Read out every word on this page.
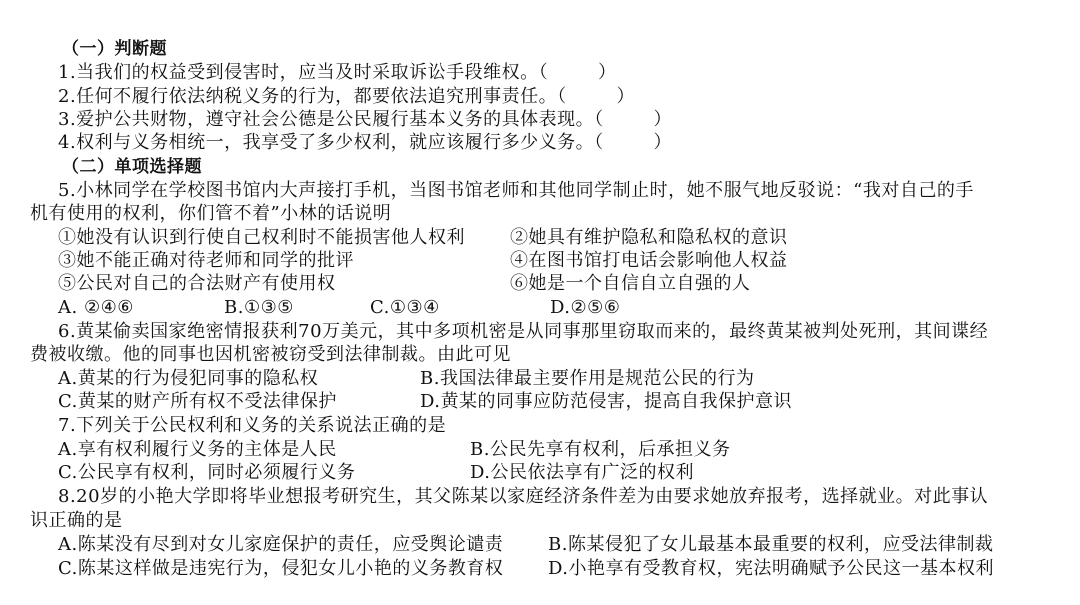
（一）判断题
1.当我们的权益受到侵害时，应当及时采取诉讼手段维权。（        ）
2.任何不履行依法纳税义务的行为，都要依法追究刑事责任。（        ）
3.爱护公共财物，遵守社会公德是公民履行基本义务的具体表现。（        ）
4.权利与义务相统一，我享受了多少权利，就应该履行多少义务。（        ）
（二）单项选择题
5.小林同学在学校图书馆内大声接打手机，当图书馆老师和其他同学制止时，她不服气地反驳说：“我对自己的手
机有使用的权利，你们管不着”小林的话说明
①她没有认识到行使自己权利时不能损害他人权利	②她具有维护隐私和隐私权的意识
③她不能正确对待老师和同学的批评	④在图书馆打电话会影响他人权益
⑤公民对自己的合法财产有使用权	⑥她是一个自信自立自强的人
A. ②④⑥	B.①③⑤	C.①③④	D.②⑤⑥
6.黄某偷卖国家绝密情报获利70万美元，其中多项机密是从同事那里窃取而来的，最终黄某被判处死刑，其间谍经
费被收缴。他的同事也因机密被窃受到法律制裁。由此可见
A.黄某的行为侵犯同事的隐私权	B.我国法律最主要作用是规范公民的行为
C.黄某的财产所有权不受法律保护	D.黄某的同事应防范侵害，提高自我保护意识
7.下列关于公民权利和义务的关系说法正确的是
A.享有权利履行义务的主体是人民	B.公民先享有权利，后承担义务
C.公民享有权利，同时必须履行义务	D.公民依法享有广泛的权利
8.20岁的小艳大学即将毕业想报考研究生，其父陈某以家庭经济条件差为由要求她放弃报考，选择就业。对此事认
识正确的是
A.陈某没有尽到对女儿家庭保护的责任，应受舆论谴责 B.陈某侵犯了女儿最基本最重要的权利，应受法律制裁
C.陈某这样做是违宪行为，侵犯女儿小艳的义务教育权 D.小艳享有受教育权，宪法明确赋予公民这一基本权利
